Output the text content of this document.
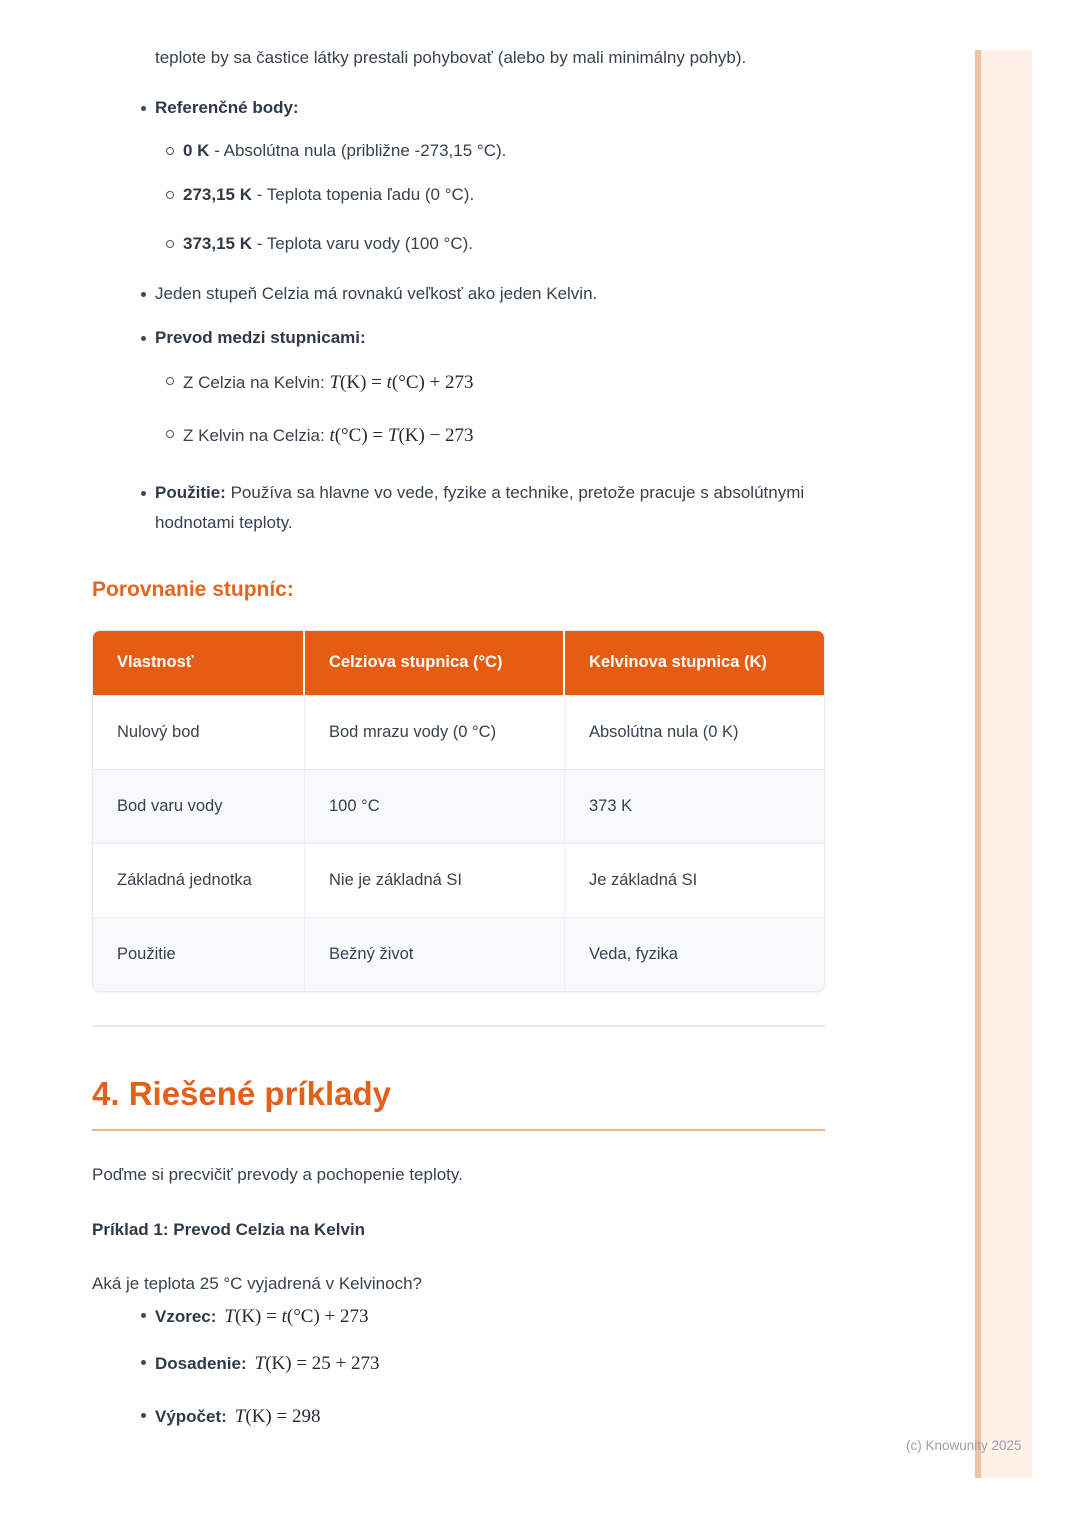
teplote by sa častice látky prestali pohybovať (alebo by mali minimálny pohyb).

Referenčné body:
0 K - Absolútna nula (približne -273,15 °C).
273,15 K - Teplota topenia ľadu (0 °C).
373,15 K - Teplota varu vody (100 °C).
Jeden stupeň Celzia má rovnakú veľkosť ako jeden Kelvin.
Prevod medzi stupnicami:
Z Celzia na Kelvin: T(K) = t(°C) + 273
Z Kelvin na Celzia: t(°C) = T(K) − 273
Použitie: Používa sa hlavne vo vede, fyzike a technike, pretože pracuje s absolútnymi hodnotami teploty.
Porovnanie stupníc:
Vlastnosť	Celziova stupnica (°C)	Kelvinova stupnica (K)
Nulový bod	Bod mrazu vody (0 °C)	Absolútna nula (0 K)
Bod varu vody	100 °C	373 K
Základná jednotka	Nie je základná SI	Je základná SI
Použitie	Bežný život	Veda, fyzika
4. Riešené príklady

Poďme si precvičiť prevody a pochopenie teploty.

Príklad 1: Prevod Celzia na Kelvin

Aká je teplota 25 °C vyjadrená v Kelvinoch?

Vzorec: T(K) = t(°C) + 273
Dosadenie: T(K) = 25 + 273
Výpočet: T(K) = 298
(c) Knowunity 2025
